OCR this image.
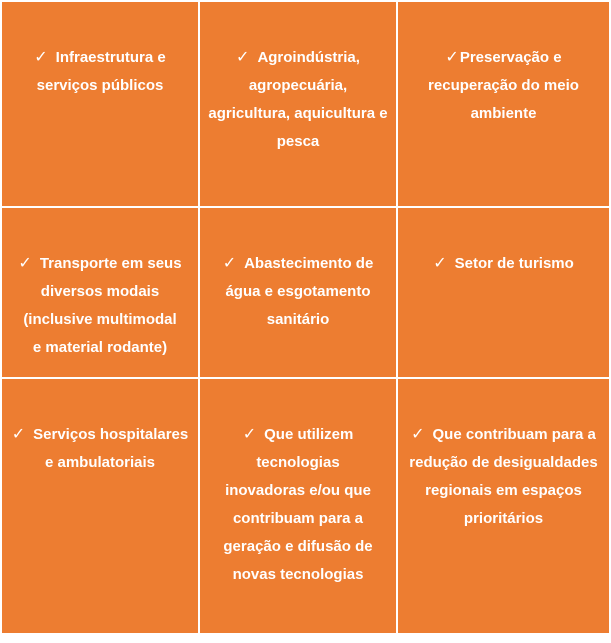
✓ Infraestrutura e
serviços públicos
✓ Agroindústria,
agropecuária,
agricultura, aquicultura e
pesca
✓Preservação e
recuperação do meio
ambiente
✓ Transporte em seus
diversos modais
(inclusive multimodal
e material rodante)
✓ Abastecimento de
água e esgotamento
sanitário
✓ Setor de turismo
✓ Serviços hospitalares
e ambulatoriais
✓ Que utilizem
tecnologias
inovadoras e/ou que
contribuam para a
geração e difusão de
novas tecnologias
✓ Que contribuam para a
redução de desigualdades
regionais em espaços
prioritários
